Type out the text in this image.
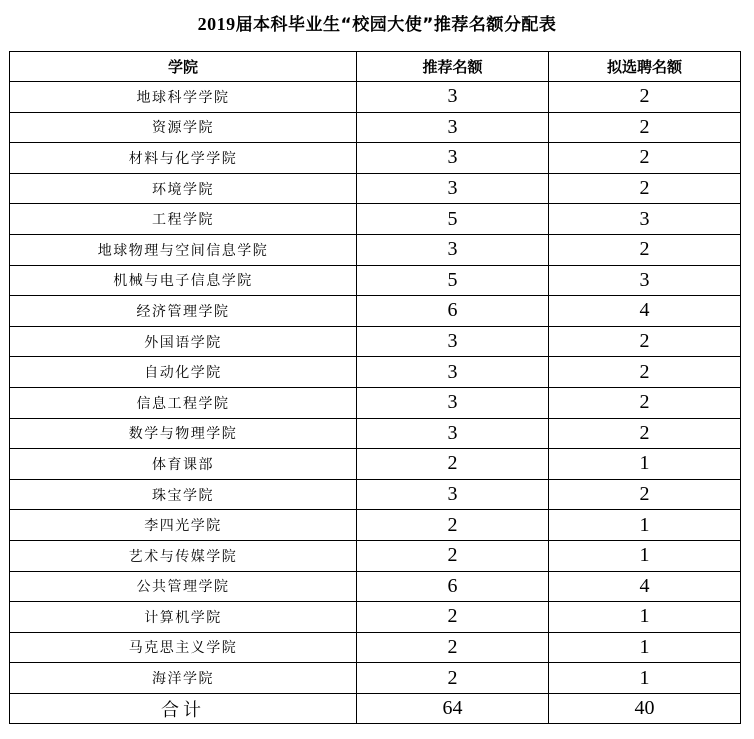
2019届本科毕业生“校园大使”推荐名额分配表
学院	推荐名额	拟选聘名额
地球科学学院	3	2
资源学院	3	2
材料与化学学院	3	2
环境学院	3	2
工程学院	5	3
地球物理与空间信息学院	3	2
机械与电子信息学院	5	3
经济管理学院	6	4
外国语学院	3	2
自动化学院	3	2
信息工程学院	3	2
数学与物理学院	3	2
体育课部	2	1
珠宝学院	3	2
李四光学院	2	1
艺术与传媒学院	2	1
公共管理学院	6	4
计算机学院	2	1
马克思主义学院	2	1
海洋学院	2	1
合计	64	40
